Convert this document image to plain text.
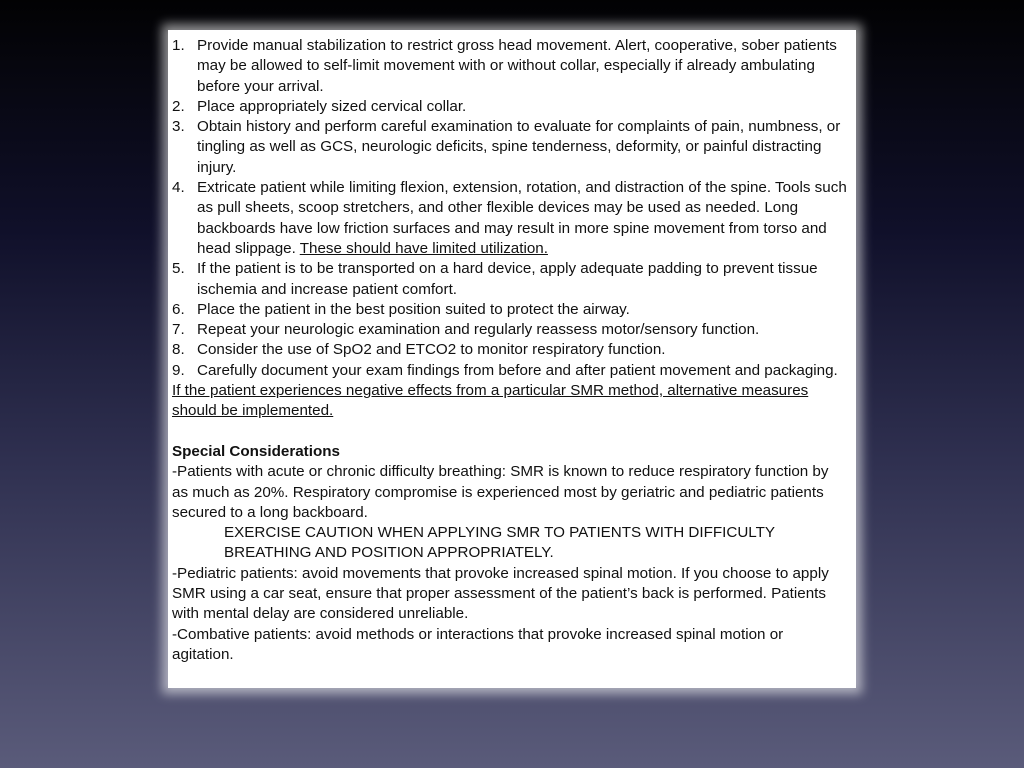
1. Provide manual stabilization to restrict gross head movement. Alert, cooperative, sober patients may be allowed to self-limit movement with or without collar, especially if already ambulating before your arrival.
2. Place appropriately sized cervical collar.
3. Obtain history and perform careful examination to evaluate for complaints of pain, numbness, or tingling as well as GCS, neurologic deficits, spine tenderness, deformity, or painful distracting injury.
4. Extricate patient while limiting flexion, extension, rotation, and distraction of the spine. Tools such as pull sheets, scoop stretchers, and other flexible devices may be used as needed. Long backboards have low friction surfaces and may result in more spine movement from torso and head slippage. These should have limited utilization.
5. If the patient is to be transported on a hard device, apply adequate padding to prevent tissue ischemia and increase patient comfort.
6. Place the patient in the best position suited to protect the airway.
7. Repeat your neurologic examination and regularly reassess motor/sensory function.
8. Consider the use of SpO2 and ETCO2 to monitor respiratory function.
9. Carefully document your exam findings from before and after patient movement and packaging.

If the patient experiences negative effects from a particular SMR method, alternative measures should be implemented.

Special Considerations

-Patients with acute or chronic difficulty breathing: SMR is known to reduce respiratory function by as much as 20%. Respiratory compromise is experienced most by geriatric and pediatric patients secured to a long backboard.

EXERCISE CAUTION WHEN APPLYING SMR TO PATIENTS WITH DIFFICULTY BREATHING AND POSITION APPROPRIATELY.

-Pediatric patients: avoid movements that provoke increased spinal motion. If you choose to apply SMR using a car seat, ensure that proper assessment of the patient’s back is performed. Patients with mental delay are considered unreliable.

-Combative patients: avoid methods or interactions that provoke increased spinal motion or agitation.
